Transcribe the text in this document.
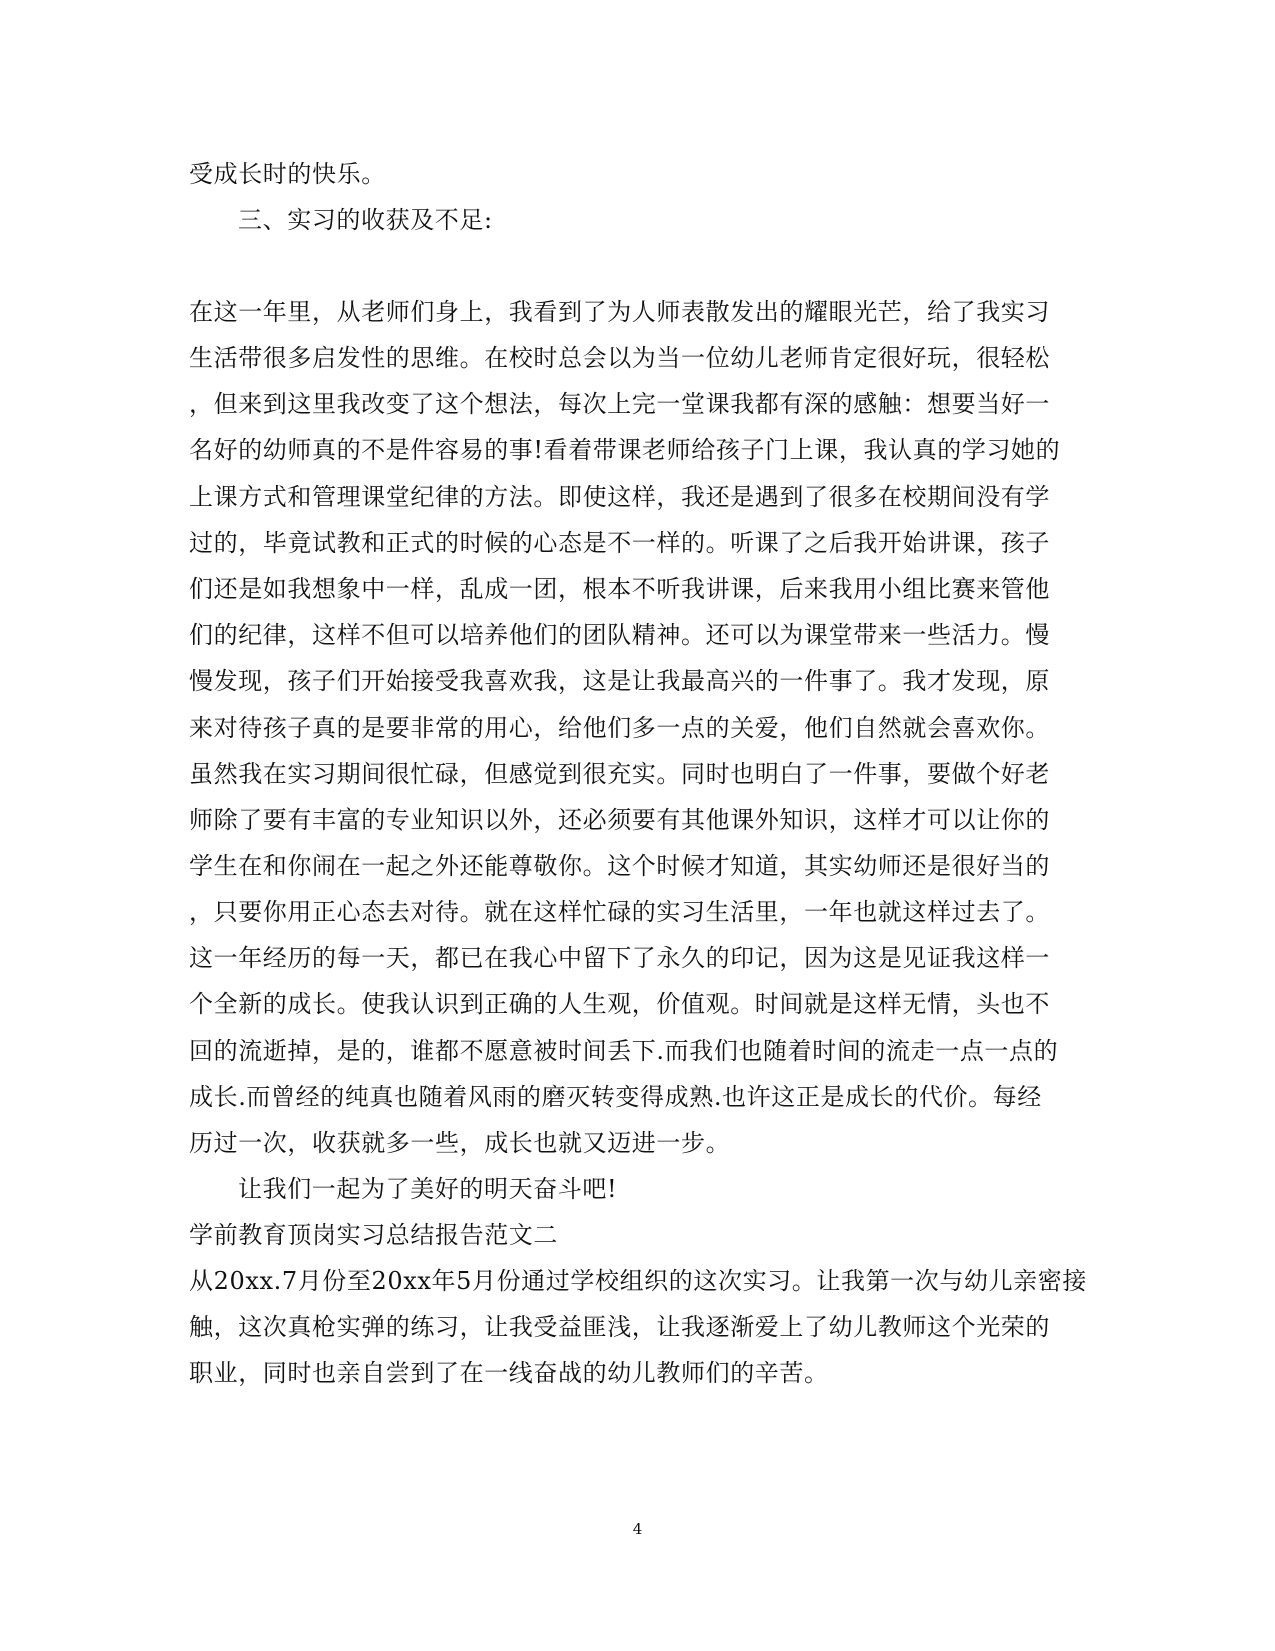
受成长时的快乐。
三、实习的收获及不足:
在这一年里，从老师们身上，我看到了为人师表散发出的耀眼光芒，给了我实习
生活带很多启发性的思维。在校时总会以为当一位幼儿老师肯定很好玩，很轻松
，但来到这里我改变了这个想法，每次上完一堂课我都有深的感触：想要当好一
名好的幼师真的不是件容易的事!看着带课老师给孩子门上课，我认真的学习她的
上课方式和管理课堂纪律的方法。即使这样，我还是遇到了很多在校期间没有学
过的，毕竟试教和正式的时候的心态是不一样的。听课了之后我开始讲课，孩子
们还是如我想象中一样，乱成一团，根本不听我讲课，后来我用小组比赛来管他
们的纪律，这样不但可以培养他们的团队精神。还可以为课堂带来一些活力。慢
慢发现，孩子们开始接受我喜欢我，这是让我最高兴的一件事了。我才发现，原
来对待孩子真的是要非常的用心，给他们多一点的关爱，他们自然就会喜欢你。
虽然我在实习期间很忙碌，但感觉到很充实。同时也明白了一件事，要做个好老
师除了要有丰富的专业知识以外，还必须要有其他课外知识，这样才可以让你的
学生在和你闹在一起之外还能尊敬你。这个时候才知道，其实幼师还是很好当的
，只要你用正心态去对待。就在这样忙碌的实习生活里，一年也就这样过去了。
这一年经历的每一天，都已在我心中留下了永久的印记，因为这是见证我这样一
个全新的成长。使我认识到正确的人生观，价值观。时间就是这样无情，头也不
回的流逝掉，是的，谁都不愿意被时间丢下.而我们也随着时间的流走一点一点的
成长.而曾经的纯真也随着风雨的磨灭转变得成熟.也许这正是成长的代价。每经
历过一次，收获就多一些，成长也就又迈进一步。
让我们一起为了美好的明天奋斗吧!
学前教育顶岗实习总结报告范文二
从20xx.7月份至20xx年5月份通过学校组织的这次实习。让我第一次与幼儿亲密接
触，这次真枪实弹的练习，让我受益匪浅，让我逐渐爱上了幼儿教师这个光荣的
职业，同时也亲自尝到了在一线奋战的幼儿教师们的辛苦。
4
